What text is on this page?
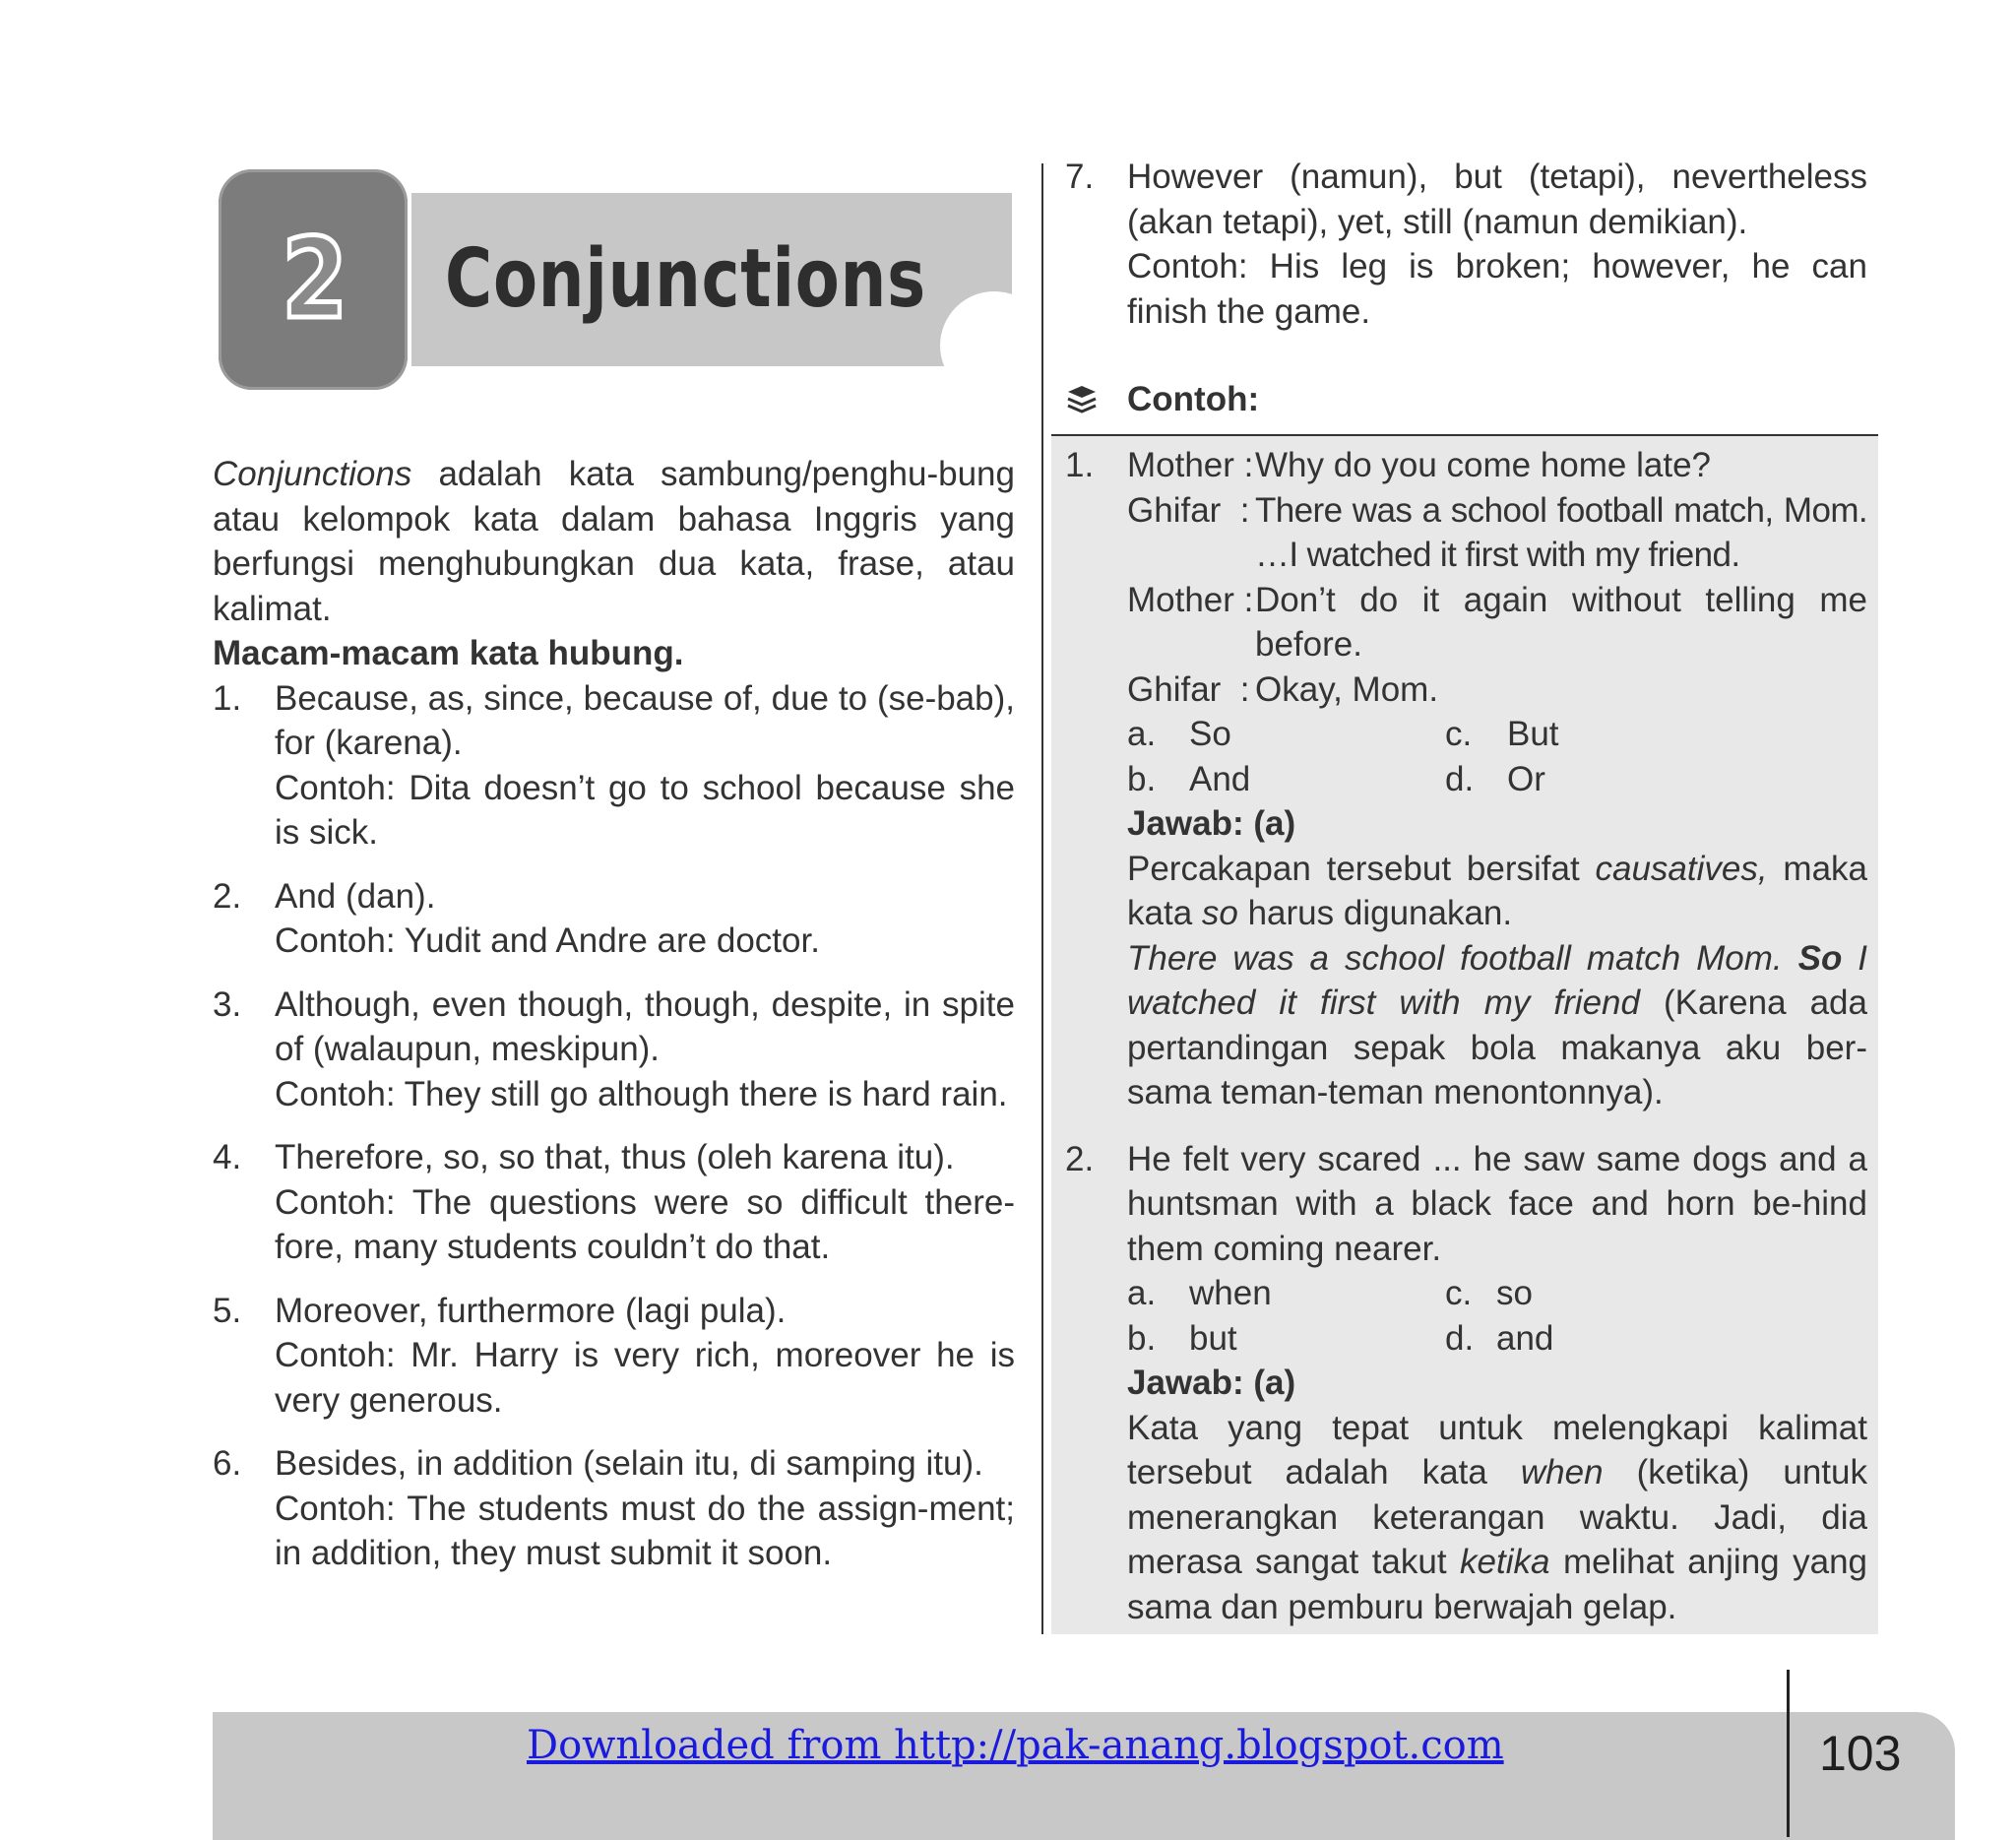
2	Conjunctions

Conjunctions adalah kata sambung/penghu-bung atau kelompok kata dalam bahasa Inggris yang berfungsi menghubungkan dua kata, frase, atau kalimat.

Macam-macam kata hubung.
1. Because, as, since, because of, due to (se-bab), for (karena).
Contoh: Dita doesn’t go to school because she is sick.
2. And (dan).
Contoh: Yudit and Andre are doctor.
3. Although, even though, though, despite, in spite of (walaupun, meskipun).
Contoh: They still go although there is hard rain.
4. Therefore, so, so that, thus (oleh karena itu).
Contoh: The questions were so difficult there-fore, many students couldn’t do that.
5. Moreover, furthermore (lagi pula).
Contoh: Mr. Harry is very rich, moreover he is very generous.
6. Besides, in addition (selain itu, di samping itu).
Contoh: The students must do the assign-ment; in addition, they must submit it soon.
7. However (namun), but (tetapi), nevertheless (akan tetapi), yet, still (namun demikian).
Contoh: His leg is broken; however, he can finish the game.
Contoh:
1. Mother : Why do you come home late?
Ghifar : There was a school football match, Mom. …I watched it first with my friend.
Mother : Don’t do it again without telling me before.
Ghifar : Okay, Mom.
a. So	c. But
b. And	d. Or
Jawab: (a)
Percakapan tersebut bersifat causatives, maka kata so harus digunakan.
There was a school football match Mom. So I watched it first with my friend (Karena ada pertandingan sepak bola makanya aku ber-sama teman-teman menontonnya).
2. He felt very scared ... he saw same dogs and a huntsman with a black face and horn be-hind them coming nearer.
a. when	c. so
b. but	d. and
Jawab: (a)
Kata yang tepat untuk melengkapi kalimat tersebut adalah kata when (ketika) untuk menerangkan keterangan waktu. Jadi, dia merasa sangat takut ketika melihat anjing yang sama dan pemburu berwajah gelap.
Downloaded from http://pak-anang.blogspot.com	103
